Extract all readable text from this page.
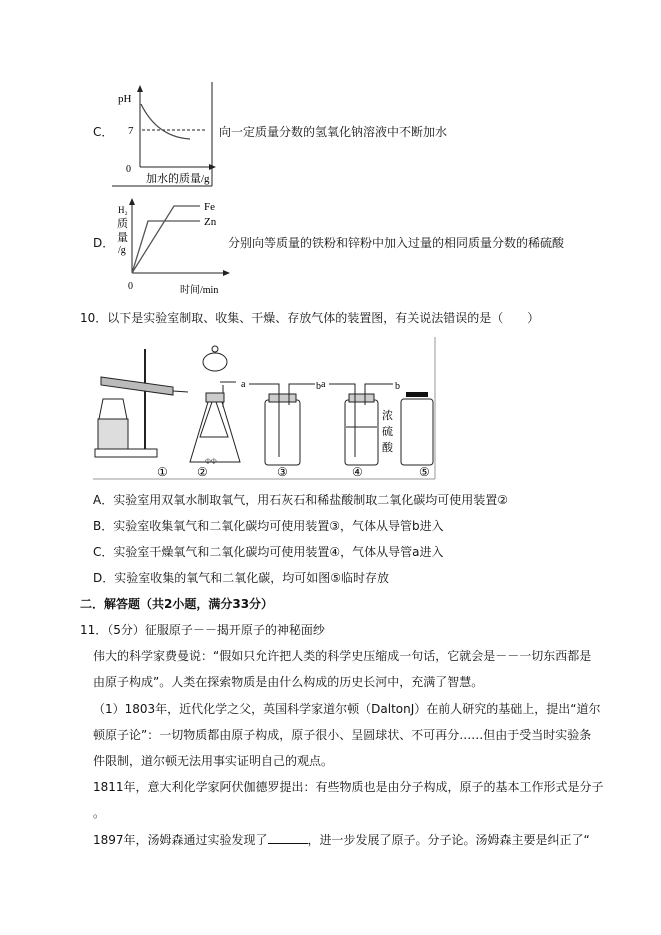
C．
pH
7
0
加水的质量/g
向一定质量分数的氢氧化钠溶液中不断加水
D．
Fe
Zn
H₂
质
量
/g
0	时间/min
分别向等质量的铁粉和锌粉中加入过量的相同质量分数的稀硫酸
10．以下是实验室制取、收集、干燥、存放气体的装置图，有关说法错误的是（　　）
ΦΦ
① ②
a	b
③
a	b
浓
硫
酸
④	⑤
A．实验室用双氧水制取氧气，用石灰石和稀盐酸制取二氧化碳均可使用装置②
B．实验室收集氧气和二氧化碳均可使用装置③，气体从导管b进入
C．实验室干燥氧气和二氧化碳均可使用装置④，气体从导管a进入
D．实验室收集的氧气和二氧化碳，均可如图⑤临时存放
二．解答题（共2小题，满分33分）
11．（5分）征服原子－－揭开原子的神秘面纱
伟大的科学家费曼说：“假如只允许把人类的科学史压缩成一句话，它就会是－－一切东西都是
由原子构成”。人类在探索物质是由什么构成的历史长河中，充满了智慧。
（1）1803年，近代化学之父，英国科学家道尔顿（DaltonJ）在前人研究的基础上，提出“道尔
顿原子论”：一切物质都由原子构成，原子很小、呈圆球状、不可再分……但由于受当时实验条
件限制，道尔顿无法用事实证明自己的观点。
1811年，意大利化学家阿伏伽德罗提出：有些物质也是由分子构成，原子的基本工作形式是分子
。
1897年，汤姆森通过实验发现了	，进一步发展了原子。分子论。汤姆森主要是纠正了“
